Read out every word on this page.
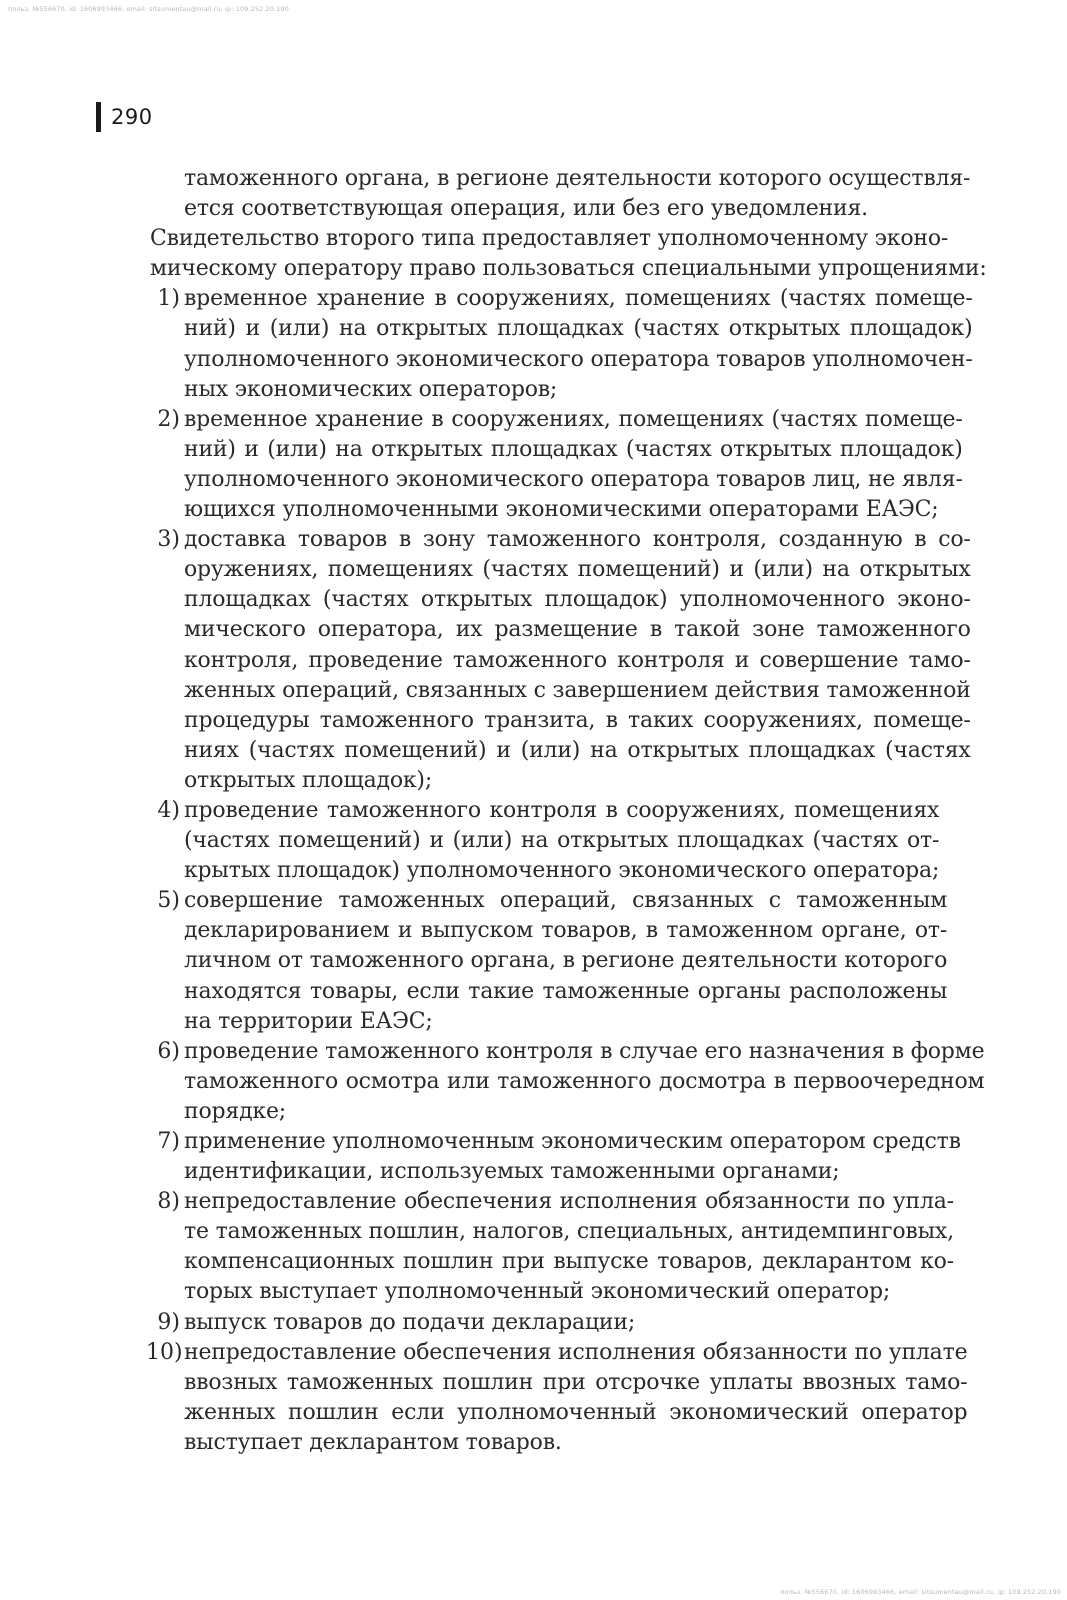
польз. №556670, id: 1606993466, email: sitsumentau@mail.ru, ip: 109.252.20.190
290
таможенного органа, в регионе деятельности которого осуществля-
ется соответствующая операция, или без его уведомления.
Свидетельство второго типа предоставляет уполномоченному эконо-
мическому оператору право пользоваться специальными упрощениями:
1) временное хранение в сооружениях, помещениях (частях помеще-
ний) и (или) на открытых площадках (частях открытых площадок)
уполномоченного экономического оператора товаров уполномочен-
ных экономических операторов;
2) временное хранение в сооружениях, помещениях (частях помеще-
ний) и (или) на открытых площадках (частях открытых площадок)
уполномоченного экономического оператора товаров лиц, не явля-
ющихся уполномоченными экономическими операторами ЕАЭС;
3) доставка товаров в зону таможенного контроля, созданную в со-
оружениях, помещениях (частях помещений) и (или) на открытых
площадках (частях открытых площадок) уполномоченного эконо-
мического оператора, их размещение в такой зоне таможенного
контроля, проведение таможенного контроля и совершение тамо-
женных операций, связанных с завершением действия таможенной
процедуры таможенного транзита, в таких сооружениях, помеще-
ниях (частях помещений) и (или) на открытых площадках (частях
открытых площадок);
4) проведение таможенного контроля в сооружениях, помещениях
(частях помещений) и (или) на открытых площадках (частях от-
крытых площадок) уполномоченного экономического оператора;
5) совершение таможенных операций, связанных с таможенным
декларированием и выпуском товаров, в таможенном органе, от-
личном от таможенного органа, в регионе деятельности которого
находятся товары, если такие таможенные органы расположены
на территории ЕАЭС;
6) проведение таможенного контроля в случае его назначения в форме
таможенного осмотра или таможенного досмотра в первоочередном
порядке;
7) применение уполномоченным экономическим оператором средств
идентификации, используемых таможенными органами;
8) непредоставление обеспечения исполнения обязанности по упла-
те таможенных пошлин, налогов, специальных, антидемпинговых,
компенсационных пошлин при выпуске товаров, декларантом ко-
торых выступает уполномоченный экономический оператор;
9) выпуск товаров до подачи декларации;
10) непредоставление обеспечения исполнения обязанности по уплате
ввозных таможенных пошлин при отсрочке уплаты ввозных тамо-
женных пошлин если уполномоченный экономический оператор
выступает декларантом товаров.
польз. №556670, id: 1606993466, email: sitsumentau@mail.ru, ip: 109.252.20.190
